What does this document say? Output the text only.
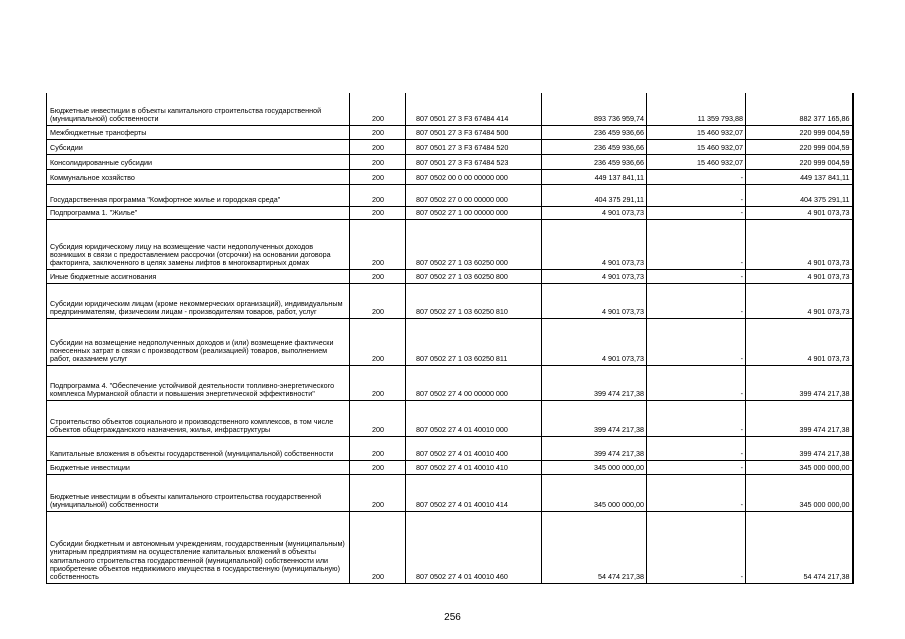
Бюджетные инвестиции в объекты капитального строительства государственной (муниципальной) собственности	200	807 0501 27 3 F3 67484 414	893 736 959,74	11 359 793,88	882 377 165,86
Межбюджетные трансферты	200	807 0501 27 3 F3 67484 500	236 459 936,66	15 460 932,07	220 999 004,59
Субсидии	200	807 0501 27 3 F3 67484 520	236 459 936,66	15 460 932,07	220 999 004,59
Консолидированные субсидии	200	807 0501 27 3 F3 67484 523	236 459 936,66	15 460 932,07	220 999 004,59
Коммунальное хозяйство	200	807 0502 00 0 00 00000 000	449 137 841,11	-	449 137 841,11
Государственная программа "Комфортное жилье и городская среда"	200	807 0502 27 0 00 00000 000	404 375 291,11	-	404 375 291,11
Подпрограмма 1. "Жилье"	200	807 0502 27 1 00 00000 000	4 901 073,73	-	4 901 073,73
Субсидия юридическому лицу на возмещение части недополученных доходов возникших в связи с предоставлением рассрочки (отсрочки) на основании договора факторинга, заключенного в целях замены лифтов в многоквартирных домах	200	807 0502 27 1 03 60250 000	4 901 073,73	-	4 901 073,73
Иные бюджетные ассигнования	200	807 0502 27 1 03 60250 800	4 901 073,73	-	4 901 073,73
Субсидии юридическим лицам (кроме некоммерческих организаций), индивидуальным предпринимателям, физическим лицам - производителям товаров, работ, услуг	200	807 0502 27 1 03 60250 810	4 901 073,73	-	4 901 073,73
Субсидии на возмещение недополученных доходов и (или) возмещение фактически понесенных затрат в связи с производством (реализацией) товаров, выполнением работ, оказанием услуг	200	807 0502 27 1 03 60250 811	4 901 073,73	-	4 901 073,73
Подпрограмма 4. "Обеспечение устойчивой деятельности топливно-энергетического комплекса Мурманской области и повышения энергетической эффективности"	200	807 0502 27 4 00 00000 000	399 474 217,38	-	399 474 217,38
Строительство объектов социального и производственного комплексов, в том числе объектов общегражданского назначения, жилья, инфраструктуры	200	807 0502 27 4 01 40010 000	399 474 217,38	-	399 474 217,38
Капитальные вложения в объекты государственной (муниципальной) собственности	200	807 0502 27 4 01 40010 400	399 474 217,38	-	399 474 217,38
Бюджетные инвестиции	200	807 0502 27 4 01 40010 410	345 000 000,00	-	345 000 000,00
Бюджетные инвестиции в объекты капитального строительства государственной (муниципальной) собственности	200	807 0502 27 4 01 40010 414	345 000 000,00	-	345 000 000,00
Субсидии бюджетным и автономным учреждениям, государственным (муниципальным) унитарным предприятиям на осуществление капитальных вложений в объекты капитального строительства государственной (муниципальной) собственности или приобретение объектов недвижимого имущества в государственную (муниципальную) собственность	200	807 0502 27 4 01 40010 460	54 474 217,38	-	54 474 217,38
256
